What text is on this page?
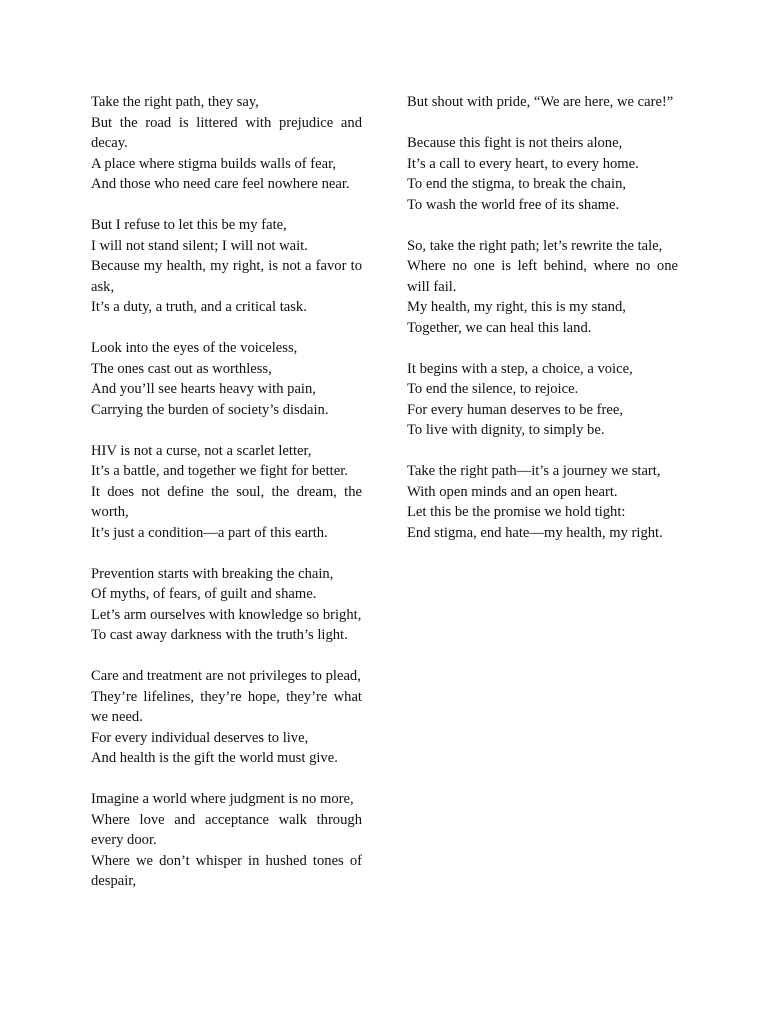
Take the right path, they say,
But the road is littered with prejudice and decay.
A place where stigma builds walls of fear,
And those who need care feel nowhere near.

But I refuse to let this be my fate,
I will not stand silent; I will not wait.
Because my health, my right, is not a favor to ask,
It’s a duty, a truth, and a critical task.

Look into the eyes of the voiceless,
The ones cast out as worthless,
And you’ll see hearts heavy with pain,
Carrying the burden of society’s disdain.

HIV is not a curse, not a scarlet letter,
It’s a battle, and together we fight for better.
It does not define the soul, the dream, the worth,
It’s just a condition—a part of this earth.

Prevention starts with breaking the chain,
Of myths, of fears, of guilt and shame.
Let’s arm ourselves with knowledge so bright,
To cast away darkness with the truth’s light.

Care and treatment are not privileges to plead,
They’re lifelines, they’re hope, they’re what we need.
For every individual deserves to live,
And health is the gift the world must give.

Imagine a world where judgment is no more,
Where love and acceptance walk through every door.
Where we don’t whisper in hushed tones of despair,

But shout with pride, “We are here, we care!”

Because this fight is not theirs alone,
It’s a call to every heart, to every home.
To end the stigma, to break the chain,
To wash the world free of its shame.

So, take the right path; let’s rewrite the tale,
Where no one is left behind, where no one will fail.
My health, my right, this is my stand,
Together, we can heal this land.

It begins with a step, a choice, a voice,
To end the silence, to rejoice.
For every human deserves to be free,
To live with dignity, to simply be.

Take the right path—it’s a journey we start,
With open minds and an open heart.
Let this be the promise we hold tight:
End stigma, end hate—my health, my right.
